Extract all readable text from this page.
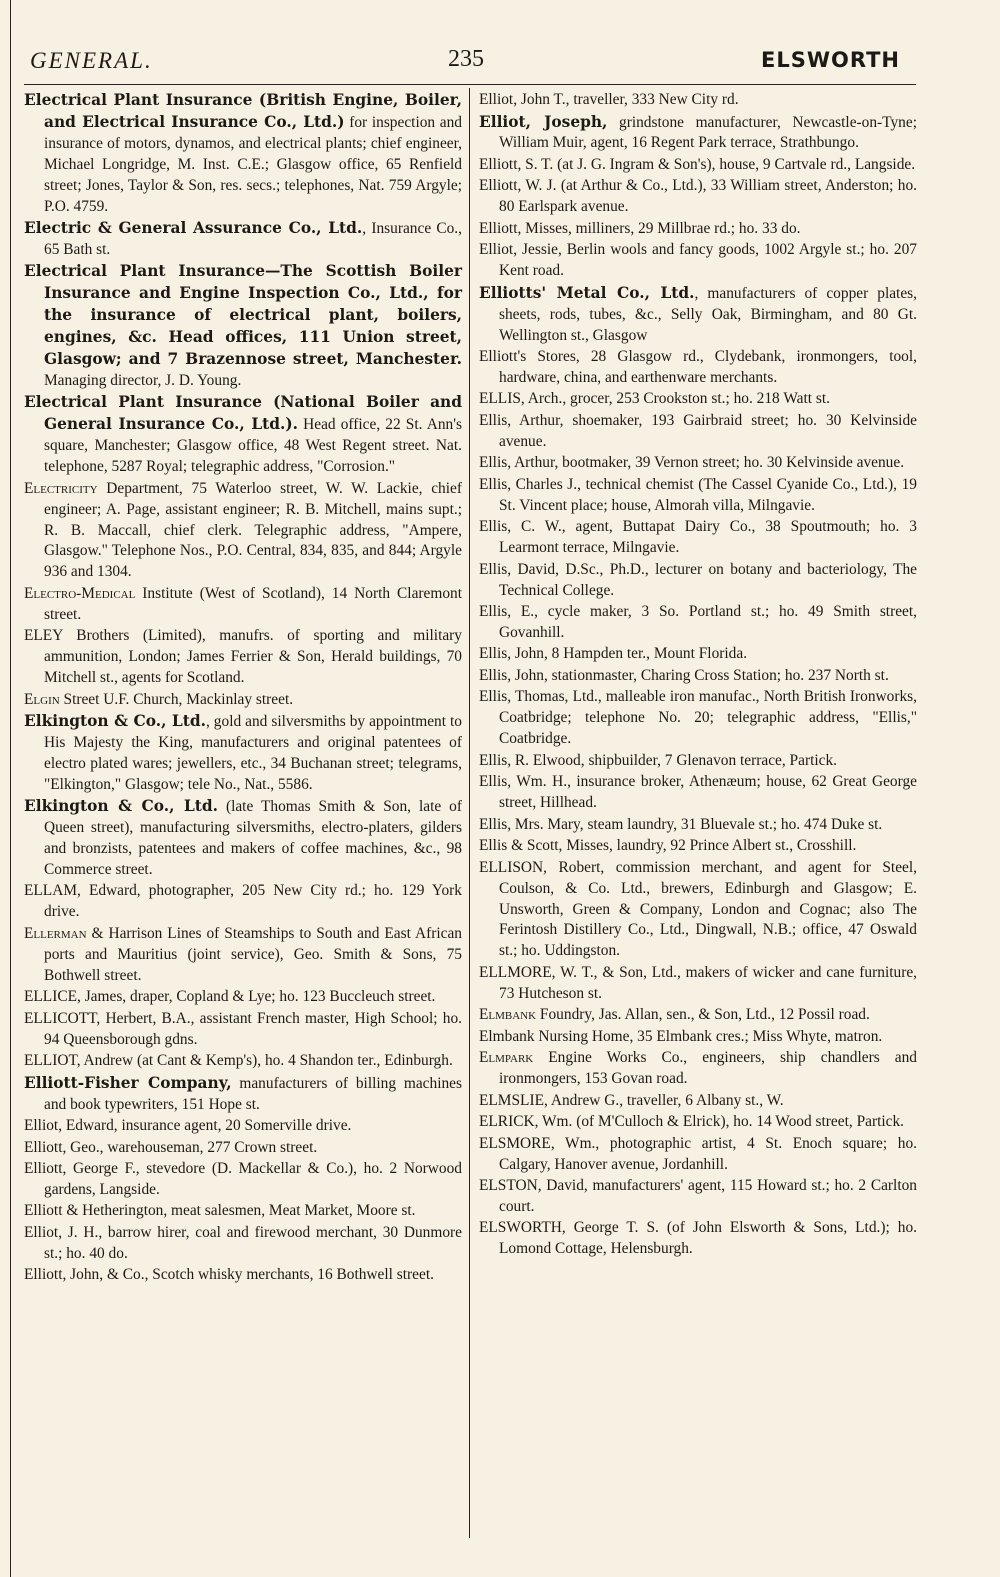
GENERAL.	235	ELSWORTH

Electrical Plant Insurance (British Engine, Boiler, and Electrical Insurance Co., Ltd.) for inspection and insurance of motors, dynamos, and electrical plants; chief engineer, Michael Longridge, M. Inst. C.E.; Glasgow office, 65 Renfield street; Jones, Taylor & Son, res. secs.; telephones, Nat. 759 Argyle; P.O. 4759.

Electric & General Assurance Co., Ltd., Insurance Co., 65 Bath st.

Electrical Plant Insurance—The Scottish Boiler Insurance and Engine Inspection Co., Ltd., for the insurance of electrical plant, boilers, engines, &c. Head offices, 111 Union street, Glasgow; and 7 Brazennose street, Manchester. Managing director, J. D. Young.

Electrical Plant Insurance (National Boiler and General Insurance Co., Ltd.). Head office, 22 St. Ann's square, Manchester; Glasgow office, 48 West Regent street. Nat. telephone, 5287 Royal; telegraphic address, "Corrosion."

Electricity Department, 75 Waterloo street, W. W. Lackie, chief engineer; A. Page, assistant engineer; R. B. Mitchell, mains supt.; R. B. Maccall, chief clerk. Telegraphic address, "Ampere, Glasgow." Telephone Nos., P.O. Central, 834, 835, and 844; Argyle 936 and 1304.

Electro-Medical Institute (West of Scotland), 14 North Claremont street.

ELEY Brothers (Limited), manufrs. of sporting and military ammunition, London; James Ferrier & Son, Herald buildings, 70 Mitchell st., agents for Scotland.

Elgin Street U.F. Church, Mackinlay street.

Elkington & Co., Ltd., gold and silversmiths by appointment to His Majesty the King, manufacturers and original patentees of electro plated wares; jewellers, etc., 34 Buchanan street; telegrams, "Elkington," Glasgow; tele No., Nat., 5586.

Elkington & Co., Ltd. (late Thomas Smith & Son, late of Queen street), manufacturing silversmiths, electro-platers, gilders and bronzists, patentees and makers of coffee machines, &c., 98 Commerce street.

ELLAM, Edward, photographer, 205 New City rd.; ho. 129 York drive.

Ellerman & Harrison Lines of Steamships to South and East African ports and Mauritius (joint service), Geo. Smith & Sons, 75 Bothwell street.

ELLICE, James, draper, Copland & Lye; ho. 123 Buccleuch street.

ELLICOTT, Herbert, B.A., assistant French master, High School; ho. 94 Queensborough gdns.

ELLIOT, Andrew (at Cant & Kemp's), ho. 4 Shandon ter., Edinburgh.

Elliott-Fisher Company, manufacturers of billing machines and book typewriters, 151 Hope st.

Elliot, Edward, insurance agent, 20 Somerville drive.

Elliott, Geo., warehouseman, 277 Crown street.

Elliott, George F., stevedore (D. Mackellar & Co.), ho. 2 Norwood gardens, Langside.

Elliott & Hetherington, meat salesmen, Meat Market, Moore st.

Elliot, J. H., barrow hirer, coal and firewood merchant, 30 Dunmore st.; ho. 40 do.

Elliott, John, & Co., Scotch whisky merchants, 16 Bothwell street.

Elliot, John T., traveller, 333 New City rd.

Elliot, Joseph, grindstone manufacturer, Newcastle-on-Tyne; William Muir, agent, 16 Regent Park terrace, Strathbungo.

Elliott, S. T. (at J. G. Ingram & Son's), house, 9 Cartvale rd., Langside.

Elliott, W. J. (at Arthur & Co., Ltd.), 33 William street, Anderston; ho. 80 Earlspark avenue.

Elliott, Misses, milliners, 29 Millbrae rd.; ho. 33 do.

Elliot, Jessie, Berlin wools and fancy goods, 1002 Argyle st.; ho. 207 Kent road.

Elliotts' Metal Co., Ltd., manufacturers of copper plates, sheets, rods, tubes, &c., Selly Oak, Birmingham, and 80 Gt. Wellington st., Glasgow

Elliott's Stores, 28 Glasgow rd., Clydebank, ironmongers, tool, hardware, china, and earthenware merchants.

ELLIS, Arch., grocer, 253 Crookston st.; ho. 218 Watt st.

Ellis, Arthur, shoemaker, 193 Gairbraid street; ho. 30 Kelvinside avenue.

Ellis, Arthur, bootmaker, 39 Vernon street; ho. 30 Kelvinside avenue.

Ellis, Charles J., technical chemist (The Cassel Cyanide Co., Ltd.), 19 St. Vincent place; house, Almorah villa, Milngavie.

Ellis, C. W., agent, Buttapat Dairy Co., 38 Spoutmouth; ho. 3 Learmont terrace, Milngavie.

Ellis, David, D.Sc., Ph.D., lecturer on botany and bacteriology, The Technical College.

Ellis, E., cycle maker, 3 So. Portland st.; ho. 49 Smith street, Govanhill.

Ellis, John, 8 Hampden ter., Mount Florida.

Ellis, John, stationmaster, Charing Cross Station; ho. 237 North st.

Ellis, Thomas, Ltd., malleable iron manufac., North British Ironworks, Coatbridge; telephone No. 20; telegraphic address, "Ellis," Coatbridge.

Ellis, R. Elwood, shipbuilder, 7 Glenavon terrace, Partick.

Ellis, Wm. H., insurance broker, Athenæum; house, 62 Great George street, Hillhead.

Ellis, Mrs. Mary, steam laundry, 31 Bluevale st.; ho. 474 Duke st.

Ellis & Scott, Misses, laundry, 92 Prince Albert st., Crosshill.

ELLISON, Robert, commission merchant, and agent for Steel, Coulson, & Co. Ltd., brewers, Edinburgh and Glasgow; E. Unsworth, Green & Company, London and Cognac; also The Ferintosh Distillery Co., Ltd., Dingwall, N.B.; office, 47 Oswald st.; ho. Uddingston.

ELLMORE, W. T., & Son, Ltd., makers of wicker and cane furniture, 73 Hutcheson st.

Elmbank Foundry, Jas. Allan, sen., & Son, Ltd., 12 Possil road.

Elmbank Nursing Home, 35 Elmbank cres.; Miss Whyte, matron.

Elmpark Engine Works Co., engineers, ship chandlers and ironmongers, 153 Govan road.

ELMSLIE, Andrew G., traveller, 6 Albany st., W.

ELRICK, Wm. (of M'Culloch & Elrick), ho. 14 Wood street, Partick.

ELSMORE, Wm., photographic artist, 4 St. Enoch square; ho. Calgary, Hanover avenue, Jordanhill.

ELSTON, David, manufacturers' agent, 115 Howard st.; ho. 2 Carlton court.

ELSWORTH, George T. S. (of John Elsworth & Sons, Ltd.); ho. Lomond Cottage, Helensburgh.
